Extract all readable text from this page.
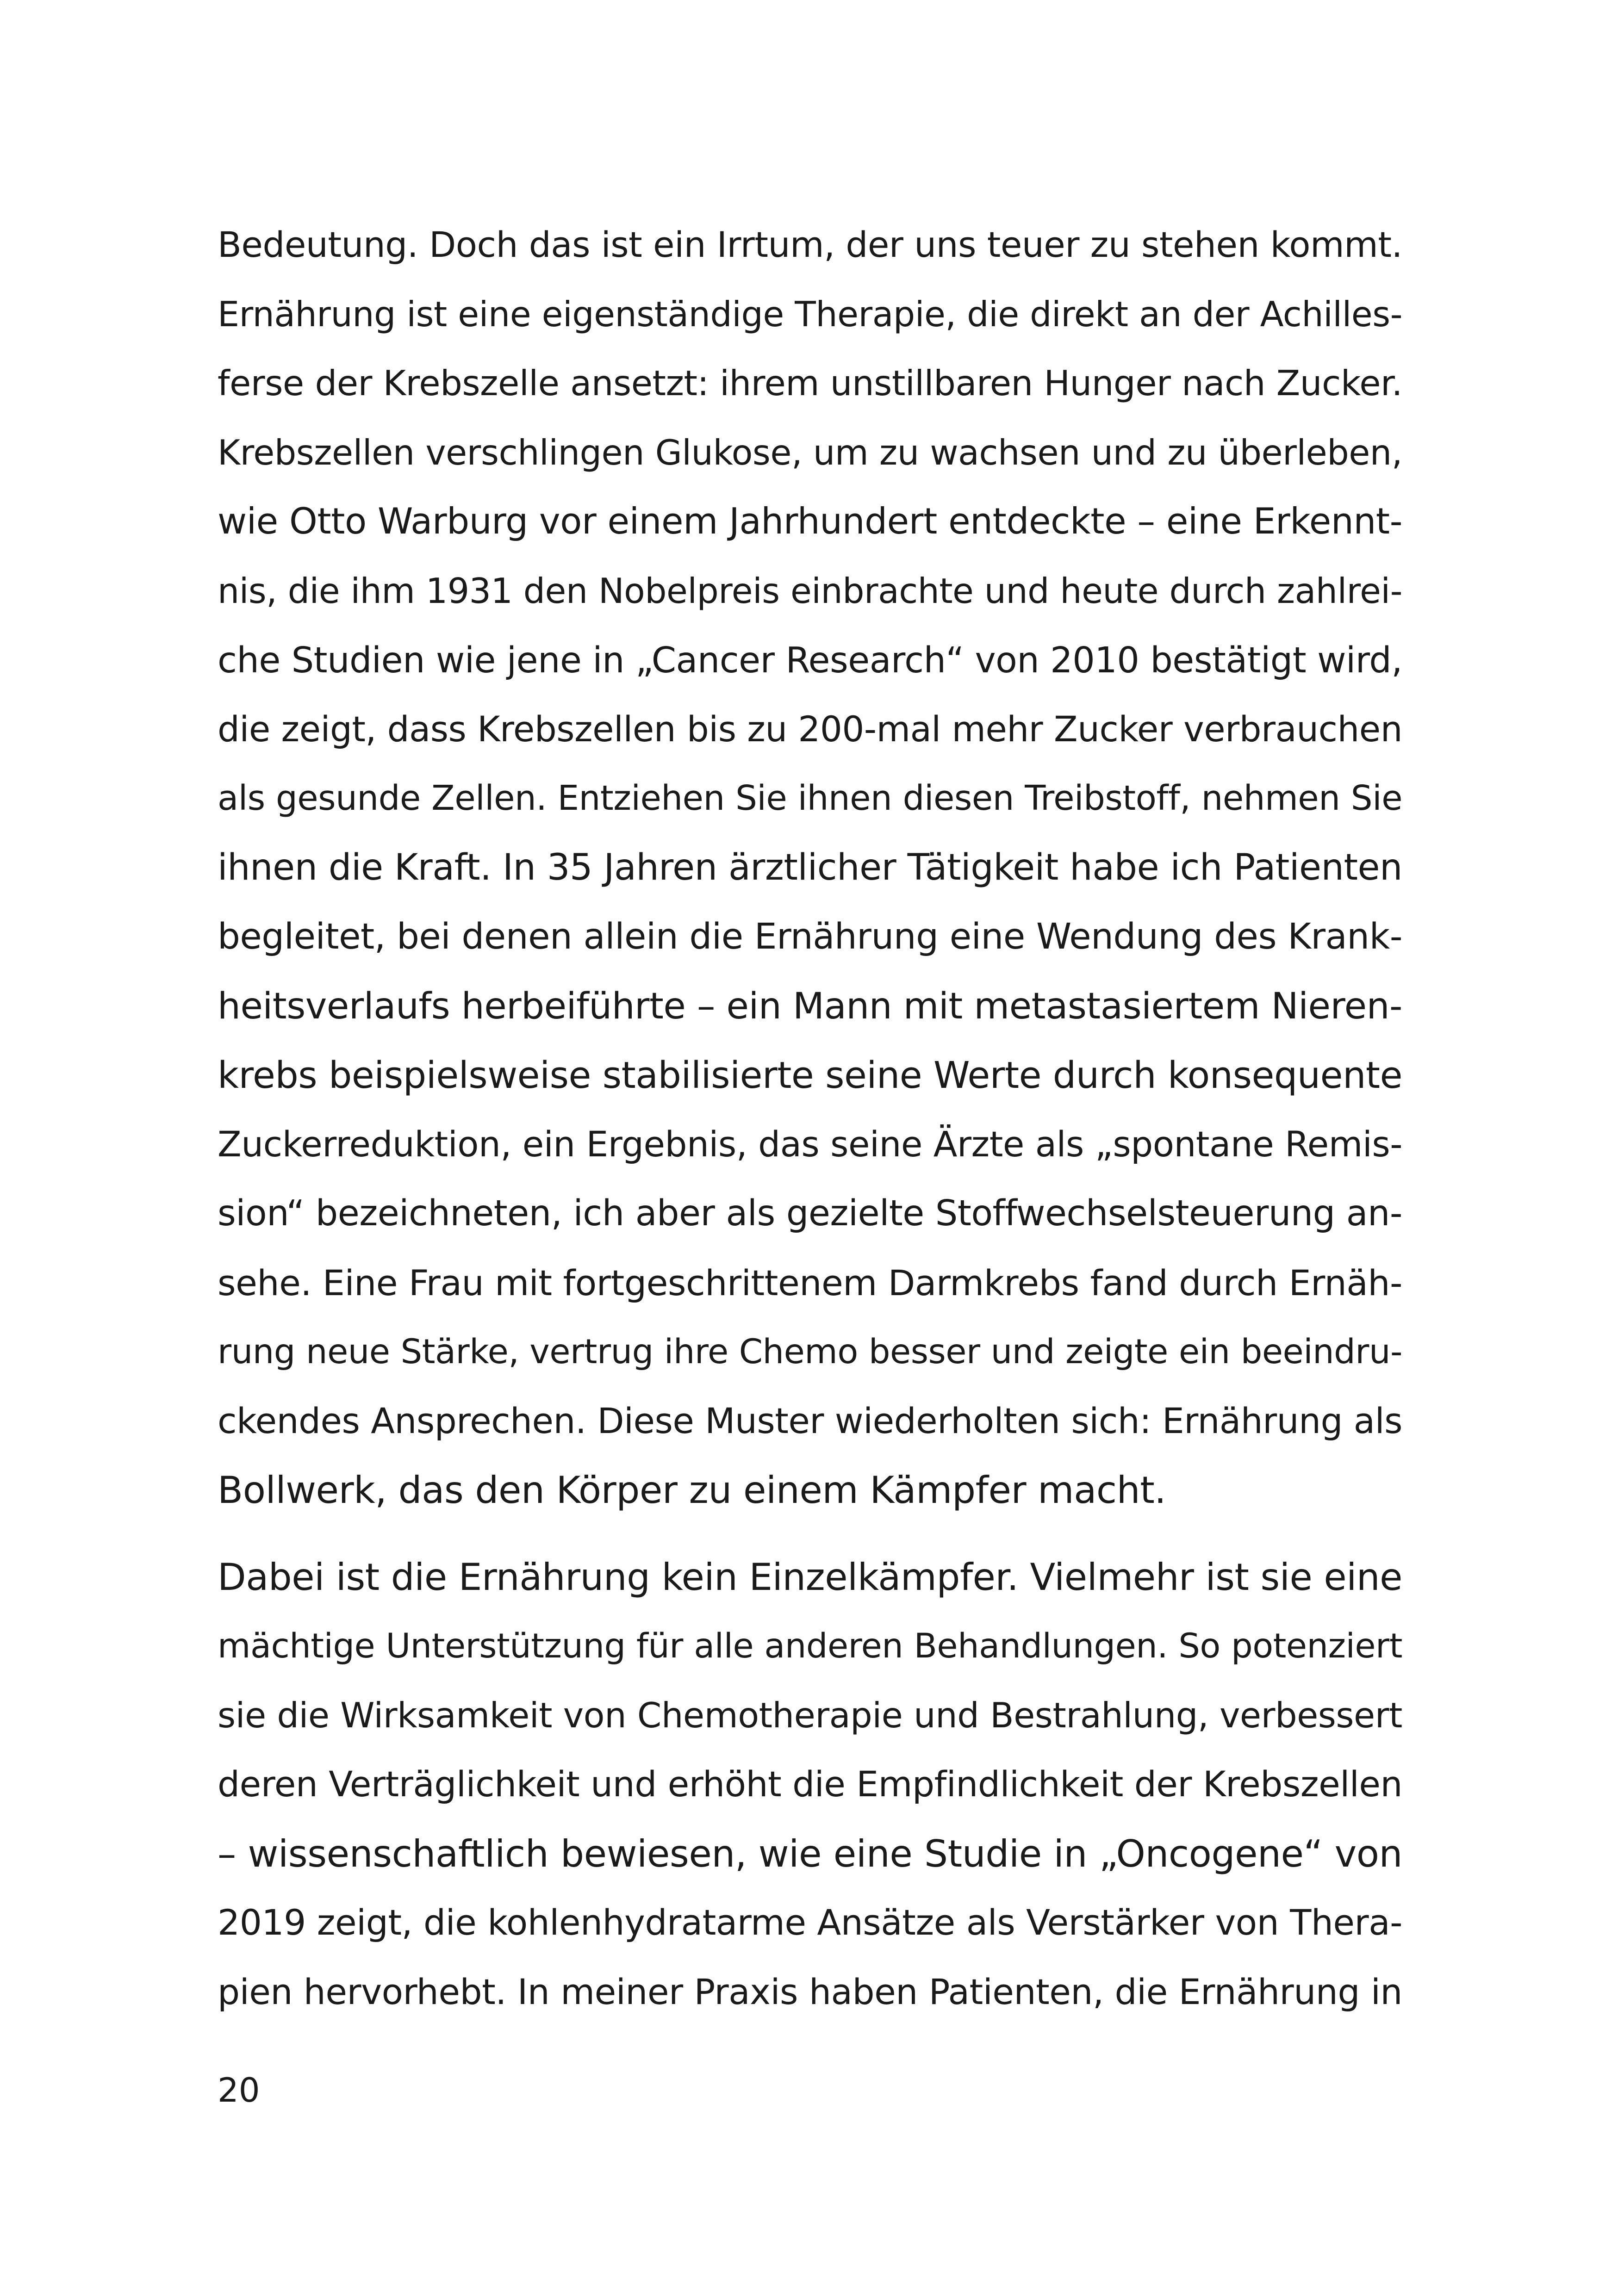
Bedeutung. Doch das ist ein Irrtum, der uns teuer zu stehen kommt.
Ernährung ist eine eigenständige Therapie, die direkt an der Achilles-
ferse der Krebszelle ansetzt: ihrem unstillbaren Hunger nach Zucker.
Krebszellen verschlingen Glukose, um zu wachsen und zu überleben,
wie Otto Warburg vor einem Jahrhundert entdeckte – eine Erkennt-
nis, die ihm 1931 den Nobelpreis einbrachte und heute durch zahlrei-
che Studien wie jene in „Cancer Research“ von 2010 bestätigt wird,
die zeigt, dass Krebszellen bis zu 200-mal mehr Zucker verbrauchen
als gesunde Zellen. Entziehen Sie ihnen diesen Treibstoff, nehmen Sie
ihnen die Kraft. In 35 Jahren ärztlicher Tätigkeit habe ich Patienten
begleitet, bei denen allein die Ernährung eine Wendung des Krank-
heitsverlaufs herbeiführte – ein Mann mit metastasiertem Nieren-
krebs beispielsweise stabilisierte seine Werte durch konsequente
Zuckerreduktion, ein Ergebnis, das seine Ärzte als „spontane Remis-
sion“ bezeichneten, ich aber als gezielte Stoffwechselsteuerung an-
sehe. Eine Frau mit fortgeschrittenem Darmkrebs fand durch Ernäh-
rung neue Stärke, vertrug ihre Chemo besser und zeigte ein beeindru-
ckendes Ansprechen. Diese Muster wiederholten sich: Ernährung als
Bollwerk, das den Körper zu einem Kämpfer macht.

Dabei ist die Ernährung kein Einzelkämpfer. Vielmehr ist sie eine
mächtige Unterstützung für alle anderen Behandlungen. So potenziert
sie die Wirksamkeit von Chemotherapie und Bestrahlung, verbessert
deren Verträglichkeit und erhöht die Empfindlichkeit der Krebszellen
– wissenschaftlich bewiesen, wie eine Studie in „Oncogene“ von
2019 zeigt, die kohlenhydratarme Ansätze als Verstärker von Thera-
pien hervorhebt. In meiner Praxis haben Patienten, die Ernährung in

20
